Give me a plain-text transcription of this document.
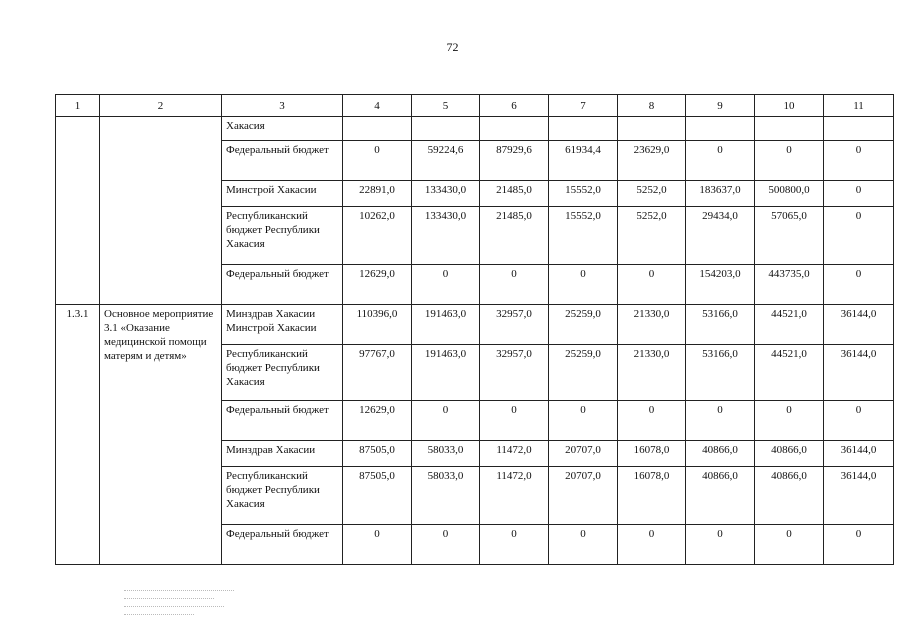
72
1	2	3	4	5	6	7	8	9	10	11
		Хакасия								
		Федеральный бюджет	0	59224,6	87929,6	61934,4	23629,0	0	0	0
		Минстрой Хакасии	22891,0	133430,0	21485,0	15552,0	5252,0	183637,0	500800,0	0
		Республиканский бюджет Республики Хакасия	10262,0	133430,0	21485,0	15552,0	5252,0	29434,0	57065,0	0
		Федеральный бюджет	12629,0	0	0	0	0	154203,0	443735,0	0
1.3.1	Основное мероприятие 3.1 «Оказание медицинской помощи матерям и детям»	Минздрав Хакасии Минстрой Хакасии	110396,0	191463,0	32957,0	25259,0	21330,0	53166,0	44521,0	36144,0
		Республиканский бюджет Республики Хакасия	97767,0	191463,0	32957,0	25259,0	21330,0	53166,0	44521,0	36144,0
		Федеральный бюджет	12629,0	0	0	0	0	0	0	0
		Минздрав Хакасии	87505,0	58033,0	11472,0	20707,0	16078,0	40866,0	40866,0	36144,0
		Республиканский бюджет Республики Хакасия	87505,0	58033,0	11472,0	20707,0	16078,0	40866,0	40866,0	36144,0
		Федеральный бюджет	0	0	0	0	0	0	0	0
